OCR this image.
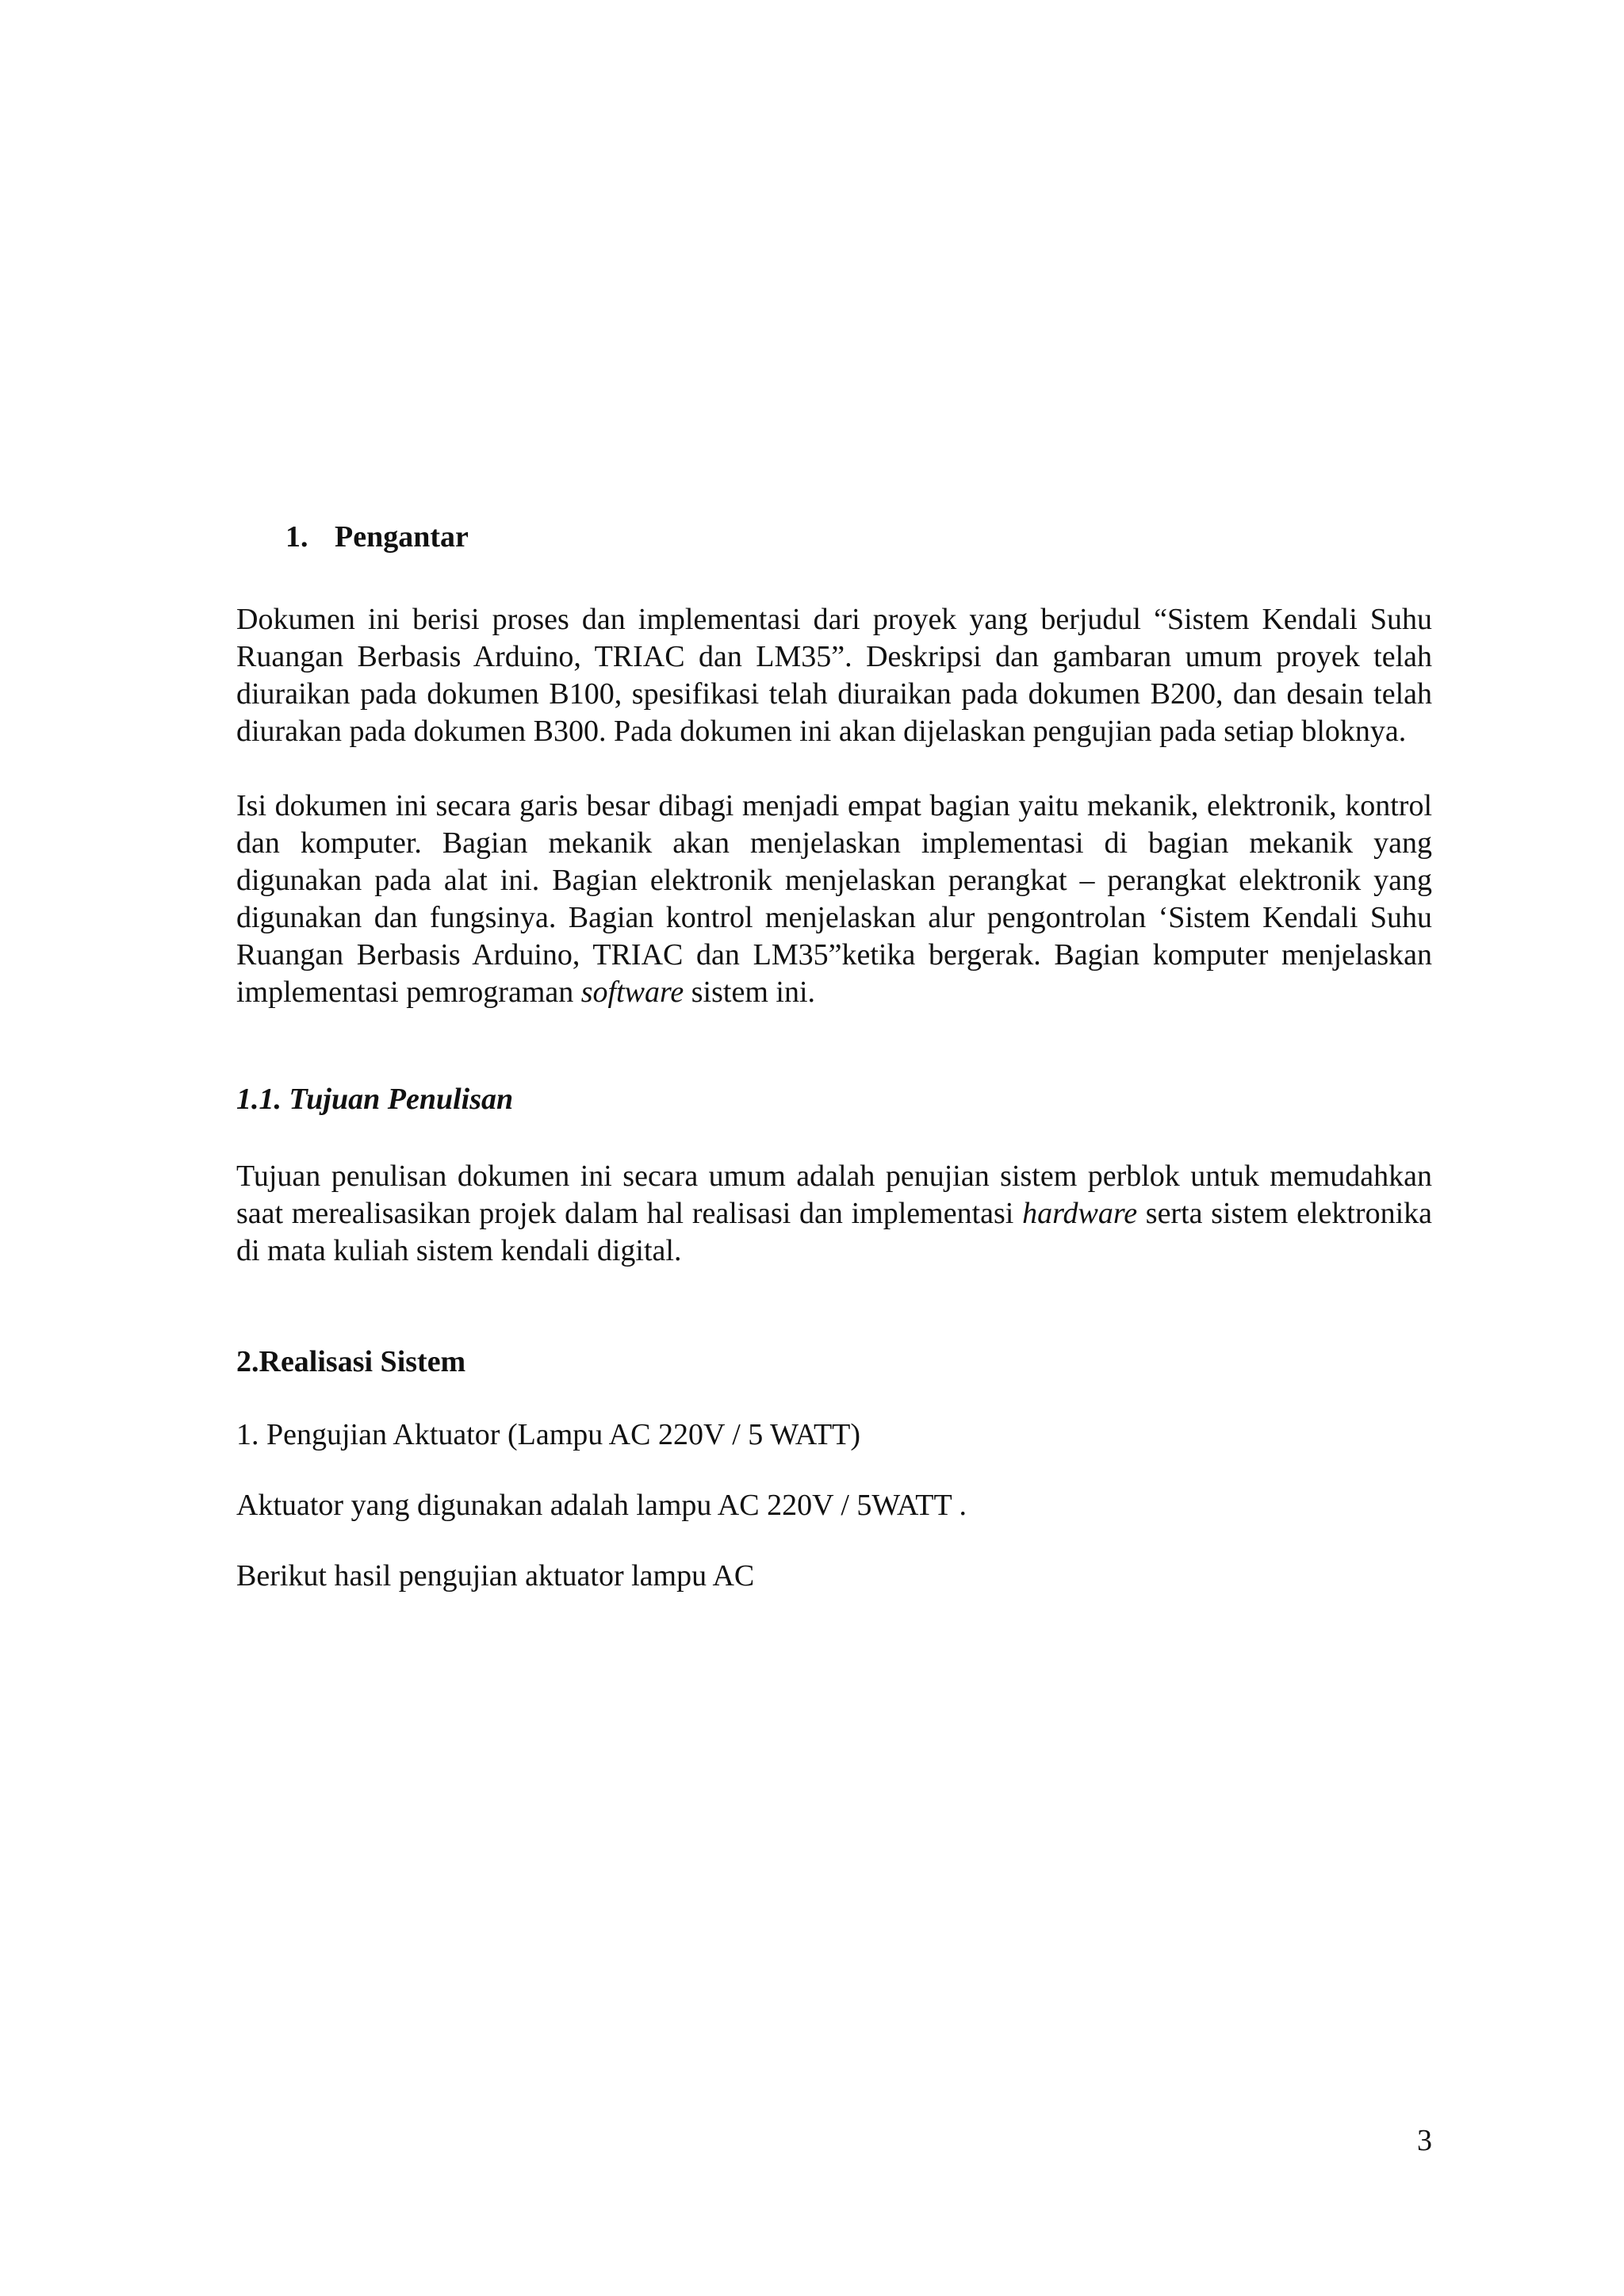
1. Pengantar

Dokumen ini berisi proses dan implementasi dari proyek yang berjudul “Sistem Kendali Suhu Ruangan Berbasis Arduino, TRIAC dan LM35”. Deskripsi dan gambaran umum proyek telah diuraikan pada dokumen B100, spesifikasi telah diuraikan pada dokumen B200, dan desain telah diurakan pada dokumen B300. Pada dokumen ini akan dijelaskan pengujian pada setiap bloknya.

Isi dokumen ini secara garis besar dibagi menjadi empat bagian yaitu mekanik, elektronik, kontrol dan komputer. Bagian mekanik akan menjelaskan implementasi di bagian mekanik yang digunakan pada alat ini. Bagian elektronik menjelaskan perangkat – perangkat elektronik yang digunakan dan fungsinya. Bagian kontrol menjelaskan alur pengontrolan ‘Sistem Kendali Suhu Ruangan Berbasis Arduino, TRIAC dan LM35”ketika bergerak. Bagian komputer menjelaskan implementasi pemrograman software sistem ini.

1.1. Tujuan Penulisan

Tujuan penulisan dokumen ini secara umum adalah penujian sistem perblok untuk memudahkan saat merealisasikan projek dalam hal realisasi dan implementasi hardware serta sistem elektronika di mata kuliah sistem kendali digital.

2.Realisasi Sistem

1. Pengujian Aktuator (Lampu AC 220V / 5 WATT)

Aktuator yang digunakan adalah lampu AC 220V / 5WATT .

Berikut hasil pengujian aktuator lampu AC

3
